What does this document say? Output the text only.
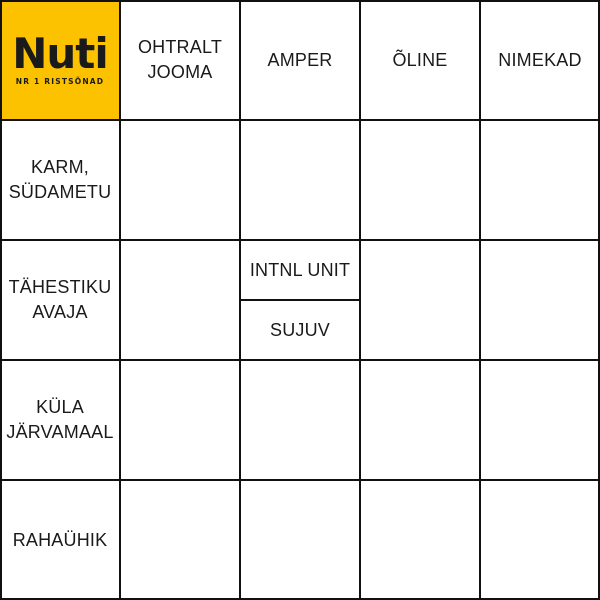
Nuti
NR 1 RISTSÕNAD
OHTRALT
JOOMA
AMPER	ÕLINE	NIMEKAD
KARM,
SÜDAMETU
TÄHESTIKU
AVAJA
KÜLA
JÄRVAMAAL
RAHAÜHIK
INTNL UNIT
SUJUV
